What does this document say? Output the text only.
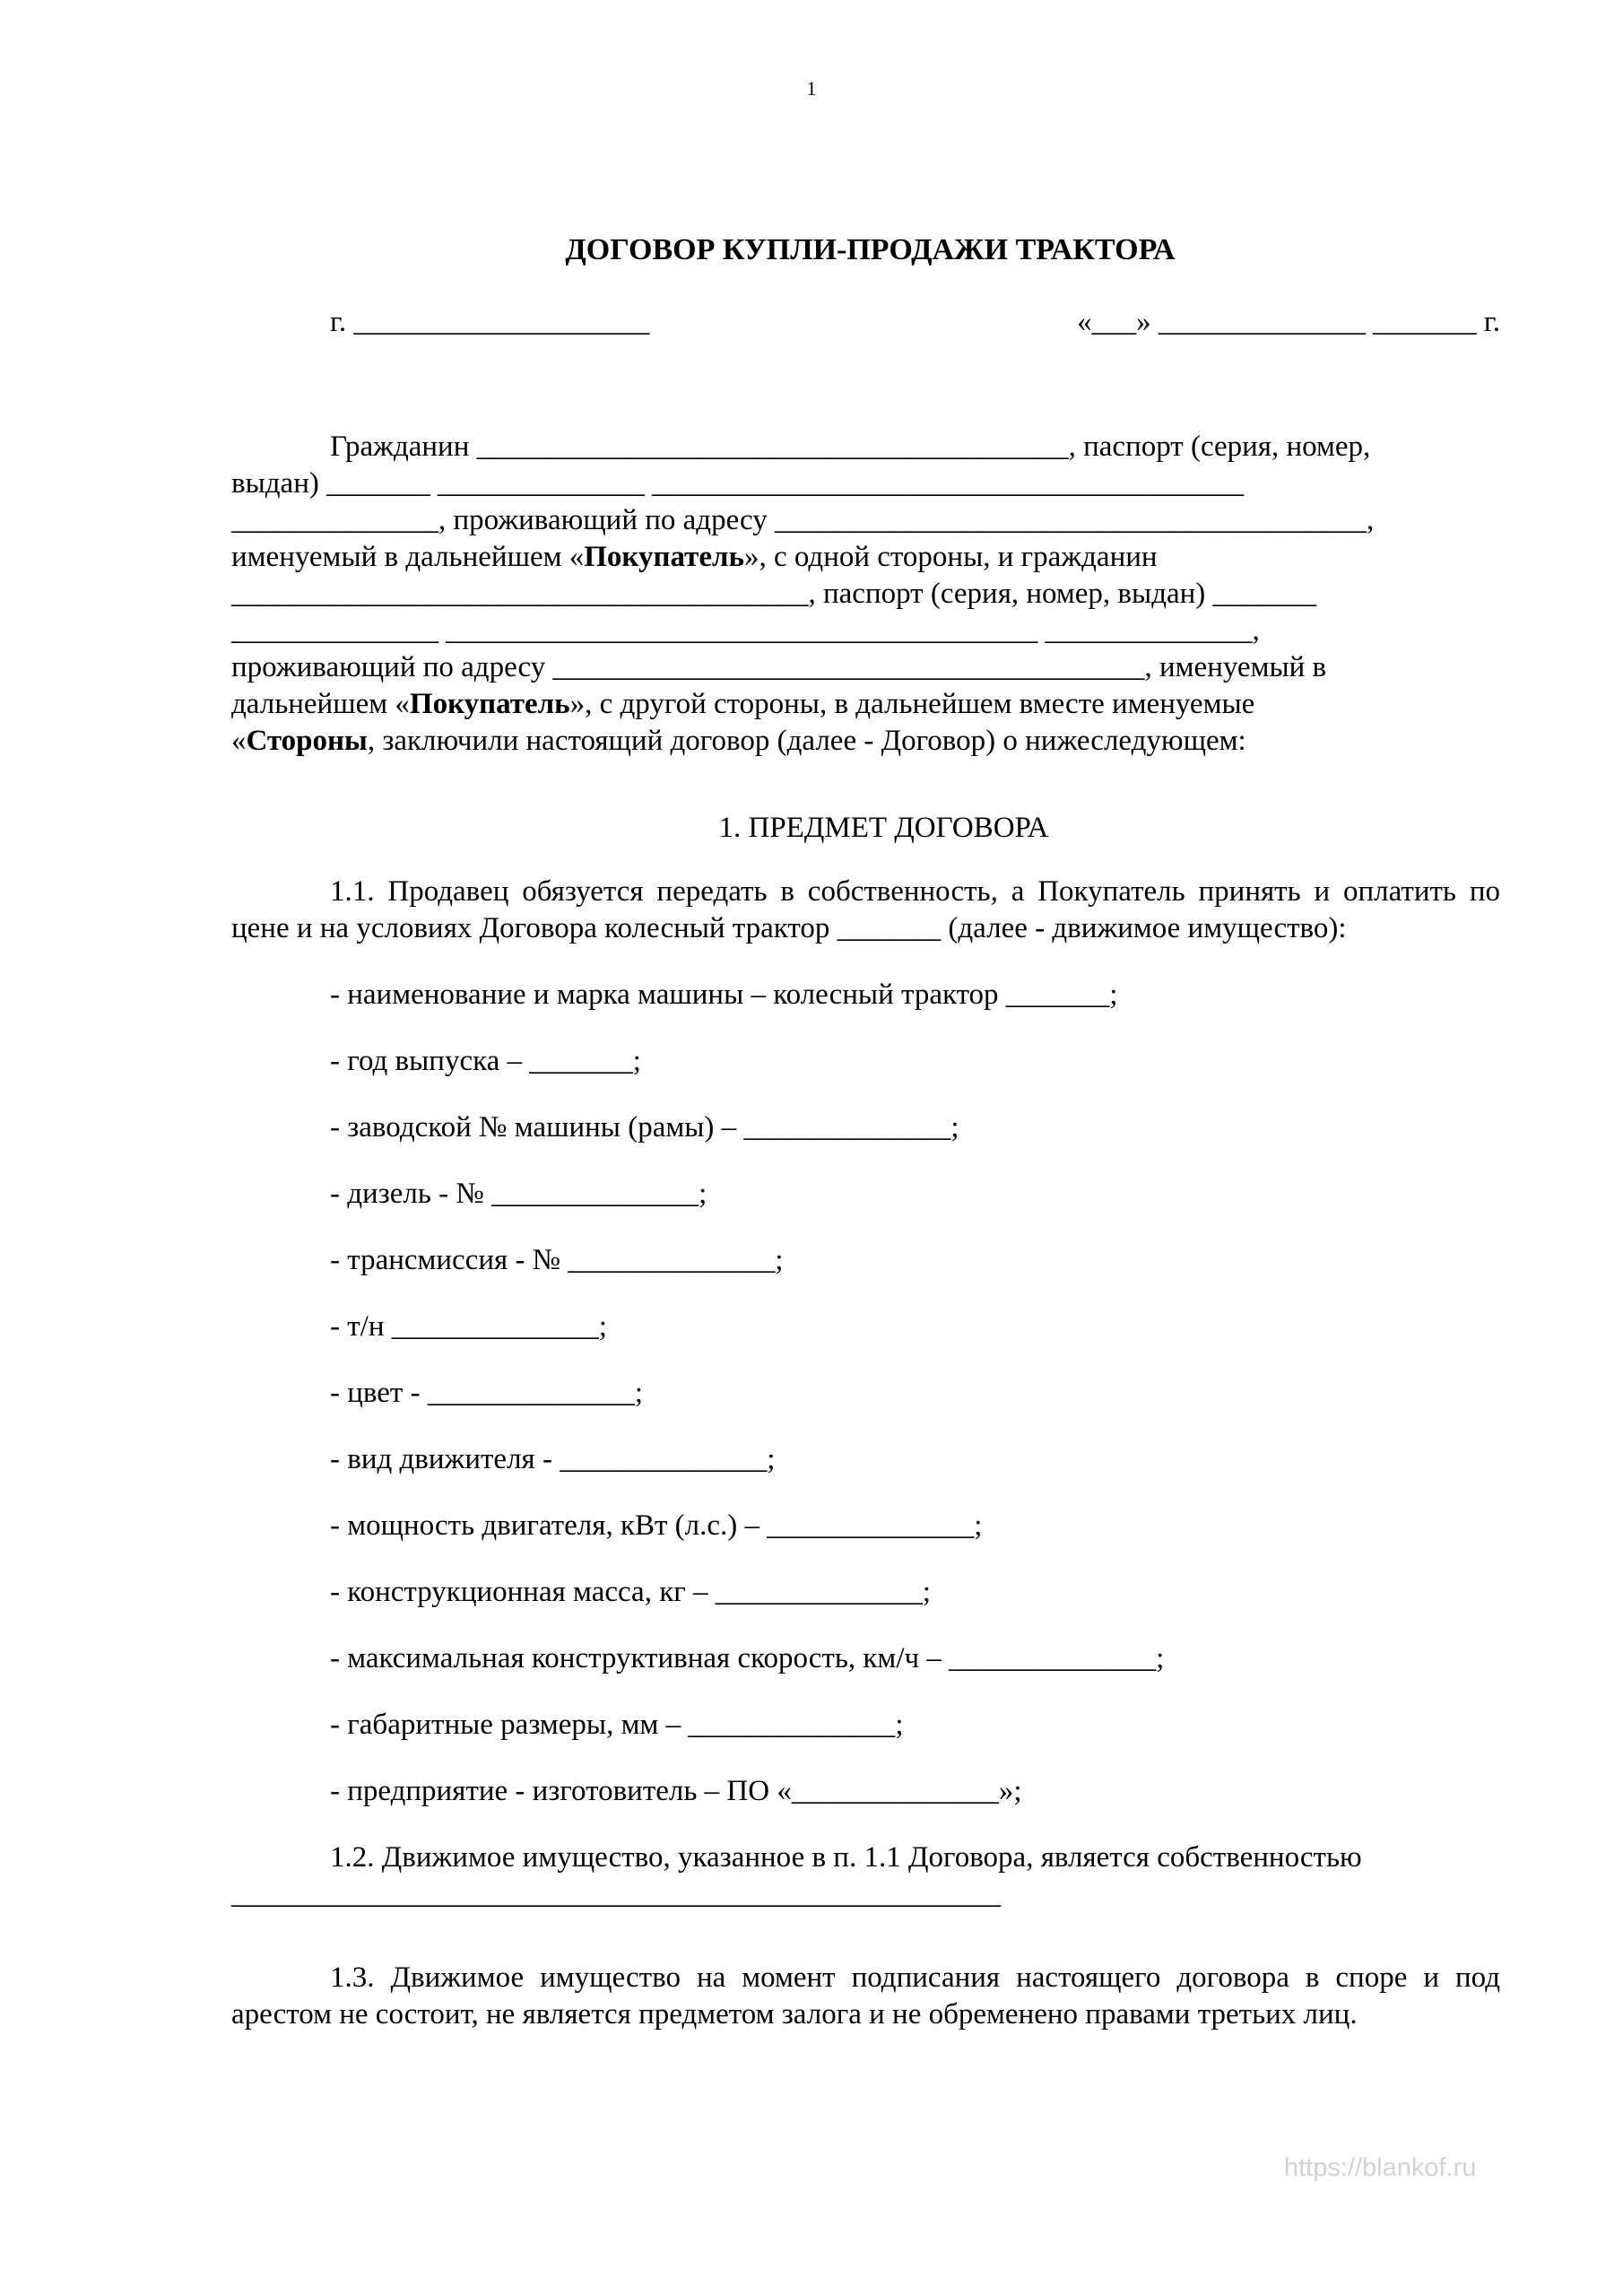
1
ДОГОВОР КУПЛИ-ПРОДАЖИ ТРАКТОРА
г. ____________________	«___» ______________ _______ г.
Гражданин ________________________________________, паспорт (серия, номер,
выдан) _______ ______________ ________________________________________
______________, проживающий по адресу ________________________________________,
именуемый в дальнейшем «Покупатель», с одной стороны, и гражданин
_______________________________________, паспорт (серия, номер, выдан) _______
______________ ________________________________________ ______________,
проживающий по адресу ________________________________________, именуемый в
дальнейшем «Покупатель», с другой стороны, в дальнейшем вместе именуемые
«Стороны, заключили настоящий договор (далее - Договор) о нижеследующем:
1. ПРЕДМЕТ ДОГОВОРА

1.1. Продавец обязуется передать в собственность, а Покупатель принять и оплатить по цене и на условиях Договора колесный трактор _______ (далее - движимое имущество):

- наименование и марка машины – колесный трактор _______;
- год выпуска – _______;
- заводской № машины (рамы) – ______________;
- дизель - № ______________;
- трансмиссия - № ______________;
- т/н ______________;
- цвет - ______________;
- вид движителя - ______________;
- мощность двигателя, кВт (л.с.) – ______________;
- конструкционная масса, кг – ______________;
- максимальная конструктивная скорость, км/ч – ______________;
- габаритные размеры, мм – ______________;
- предприятие - изготовитель – ПО «______________»;

1.2. Движимое имущество, указанное в п. 1.1 Договора, является собственностью

____________________________________________________

1.3. Движимое имущество на момент подписания настоящего договора в споре и под арестом не состоит, не является предметом залога и не обременено правами третьих лиц.

https://blankof.ru
